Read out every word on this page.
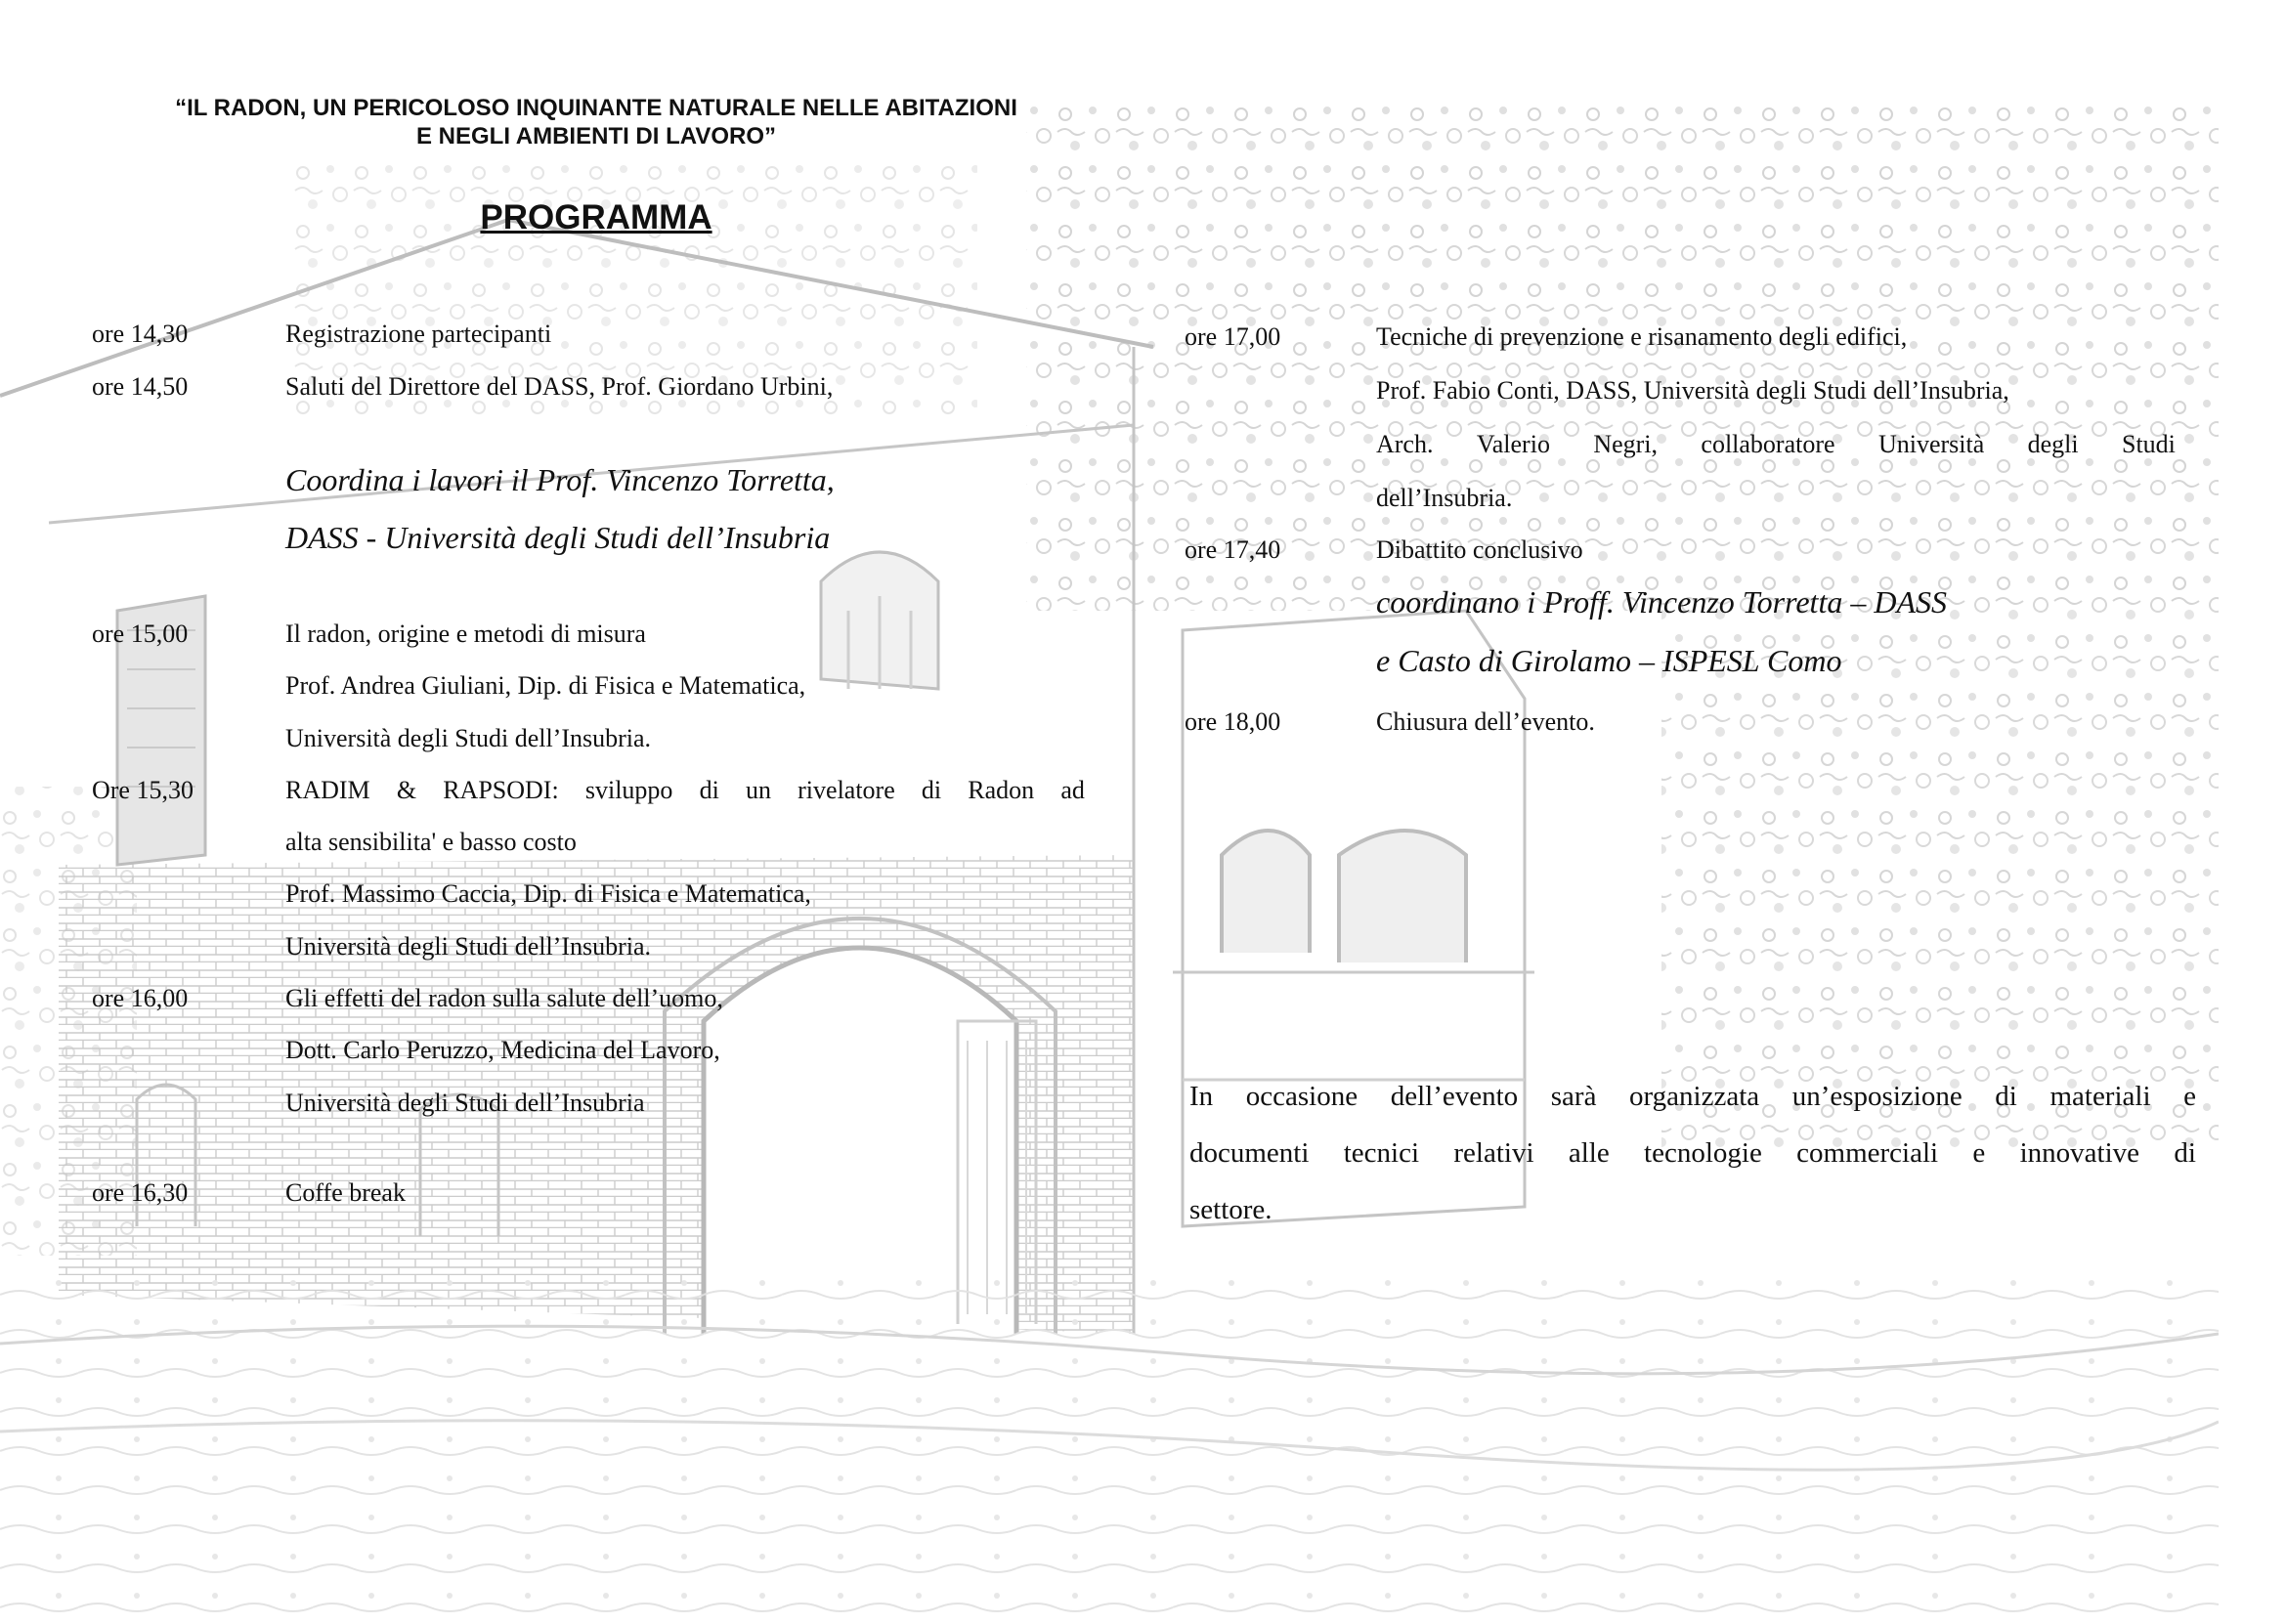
“IL RADON, UN PERICOLOSO INQUINANTE NATURALE NELLE ABITAZIONI
E NEGLI AMBIENTI DI LAVORO”
PROGRAMMA
ore 14,30	Registrazione partecipanti
ore 14,50	Saluti del Direttore del DASS, Prof. Giordano Urbini,
Coordina i lavori il Prof. Vincenzo Torretta,
DASS - Università degli Studi dell’Insubria
ore 15,00	Il radon, origine e metodi di misura
Prof. Andrea Giuliani, Dip. di Fisica e Matematica,
Università degli Studi dell’Insubria.
Ore 15,30	RADIM & RAPSODI: sviluppo di un rivelatore di Radon ad
alta sensibilita' e basso costo
Prof. Massimo Caccia, Dip. di Fisica e Matematica,
Università degli Studi dell’Insubria.
ore 16,00	Gli effetti del radon sulla salute dell’uomo,
Dott. Carlo Peruzzo, Medicina del Lavoro,
Università degli Studi dell’Insubria
ore 16,30	Coffe break
ore 17,00	Tecniche di prevenzione e risanamento degli edifici,
Prof. Fabio Conti, DASS, Università degli Studi dell’Insubria,
Arch. Valerio Negri, collaboratore Università degli Studi
dell’Insubria.
ore 17,40	Dibattito conclusivo
coordinano i Proff. Vincenzo Torretta – DASS
e Casto di Girolamo – ISPESL Como
ore 18,00	Chiusura dell’evento.
In occasione dell’evento sarà organizzata un’esposizione di materiali e
documenti tecnici relativi alle tecnologie commerciali e innovative di
settore.
